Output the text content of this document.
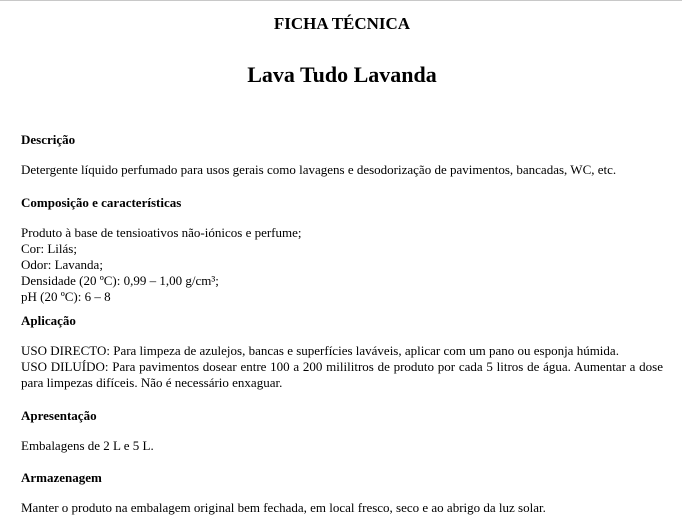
FICHA TÉCNICA
Lava Tudo Lavanda
Descrição

Detergente líquido perfumado para usos gerais como lavagens e desodorização de pavimentos, bancadas, WC, etc.

Composição e características
Produto à base de tensioativos não-iónicos e perfume;
Cor: Lilás;
Odor: Lavanda;
Densidade (20 ºC): 0,99 – 1,00 g/cm³;
pH (20 ºC): 6 – 8
Aplicação
USO DIRECTO: Para limpeza de azulejos, bancas e superfícies laváveis, aplicar com um pano ou esponja húmida.
USO DILUÍDO: Para pavimentos dosear entre 100 a 200 mililitros de produto por cada 5 litros de água. Aumentar a dose para limpezas difíceis. Não é necessário enxaguar.
Apresentação

Embalagens de 2 L e 5 L.

Armazenagem

Manter o produto na embalagem original bem fechada, em local fresco, seco e ao abrigo da luz solar.
